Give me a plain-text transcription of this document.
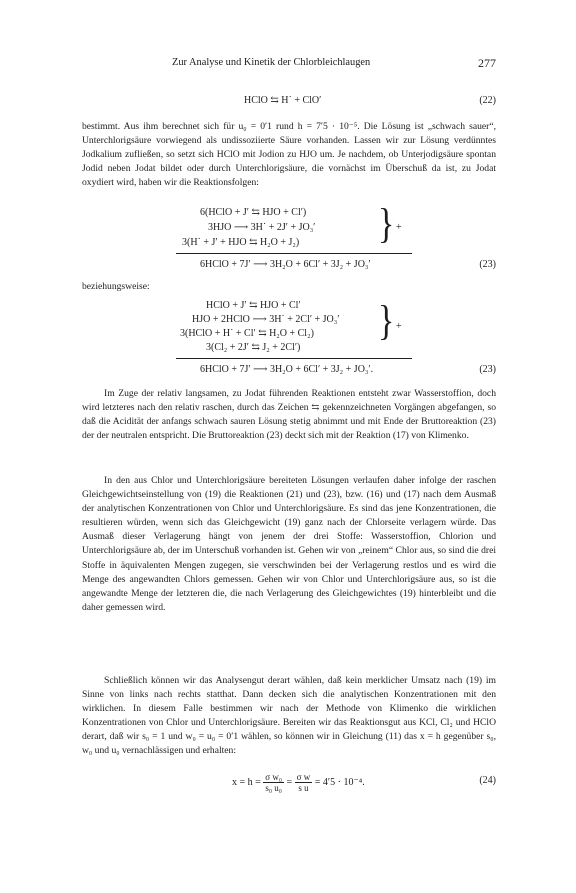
Zur Analyse und Kinetik der Chlorbleichlaugen	277
HClO ⇆ H˙ + ClO′	(22)

bestimmt. Aus ihm berechnet sich für u₀ = 0′1 rund h = 7′5 · 10⁻⁵. Die Lösung ist „schwach sauer“, Unterchlorigsäure vorwiegend als undissoziierte Säure vorhanden. Lassen wir zur Lösung verdünntes Jodkalium zufließen, so setzt sich HClO mit Jodion zu HJO um. Je nachdem, ob Unterjodigsäure spontan Jodid neben Jodat bildet oder durch Unterchlorigsäure, die vornächst im Überschuß da ist, zu Jodat oxydiert wird, haben wir die Reaktionsfolgen:

6(HClO + J′ ⇆ HJO + Cl′)
3HJO ⟶ 3H˙ + 2J′ + JO₃′
3(H˙ + J′ + HJO ⇆ H₂O + J₂) } +
6HClO + 7J′ ⟶ 3H₂O + 6Cl′ + 3J₂ + JO₃′	(23)
beziehungsweise:
HClO + J′ ⇆ HJO + Cl′
HJO + 2HClO ⟶ 3H˙ + 2Cl′ + JO₃′
3(HClO + H˙ + Cl′ ⇆ H₂O + Cl₂)
3(Cl₂ + 2J′ ⇆ J₂ + 2Cl′)
} +
6HClO + 7J′ ⟶ 3H₂O + 6Cl′ + 3J₂ + JO₃′.	(23)

Im Zuge der relativ langsamen, zu Jodat führenden Reaktionen entsteht zwar Wasserstoffion, doch wird letzteres nach den relativ raschen, durch das Zeichen ⇆ gekennzeichneten Vorgängen abgefangen, so daß die Acidität der anfangs schwach sauren Lösung stetig abnimmt und mit Ende der Bruttoreaktion (23) der der neutralen entspricht. Die Bruttoreaktion (23) deckt sich mit der Reaktion (17) von Klimenko.

In den aus Chlor und Unterchlorigsäure bereiteten Lösungen verlaufen daher infolge der raschen Gleichgewichtseinstellung von (19) die Reaktionen (21) und (23), bzw. (16) und (17) nach dem Ausmaß der analytischen Konzentrationen von Chlor und Unterchlorigsäure. Es sind das jene Konzentrationen, die resultieren würden, wenn sich das Gleichgewicht (19) ganz nach der Chlorseite verlagern würde. Das Ausmaß dieser Verlagerung hängt von jenem der drei Stoffe: Wasserstoffion, Chlorion und Unterchlorigsäure ab, der im Unterschuß vorhanden ist. Gehen wir von „reinem“ Chlor aus, so sind die drei Stoffe in äquivalenten Mengen zugegen, sie verschwinden bei der Verlagerung restlos und es wird die Menge des angewandten Chlors gemessen. Gehen wir von Chlor und Unterchlorigsäure aus, so ist die angewandte Menge der letzteren die, die nach Verlagerung des Gleichgewichtes (19) hinterbleibt und die daher gemessen wird.

Schließlich können wir das Analysengut derart wählen, daß kein merklicher Umsatz nach (19) im Sinne von links nach rechts statthat. Dann decken sich die analytischen Konzentrationen mit den wirklichen. In diesem Falle bestimmen wir nach der Methode von Klimenko die wirklichen Konzentrationen von Chlor und Unterchlorigsäure. Bereiten wir das Reaktionsgut aus KCl, Cl₂ und HClO derart, daß wir s₀ = 1 und w₀ = u₀ = 0′1 wählen, so können wir in Gleichung (11) das x = h gegenüber s₀, w₀ und u₀ vernachlässigen und erhalten:

$x = h = \frac{\text{σ w₀}}{\text{s₀ u₀}} = \frac{\text{σ w}}{\text{s u}} = 4'5 \cdot 10^{-4}$.	(24)
